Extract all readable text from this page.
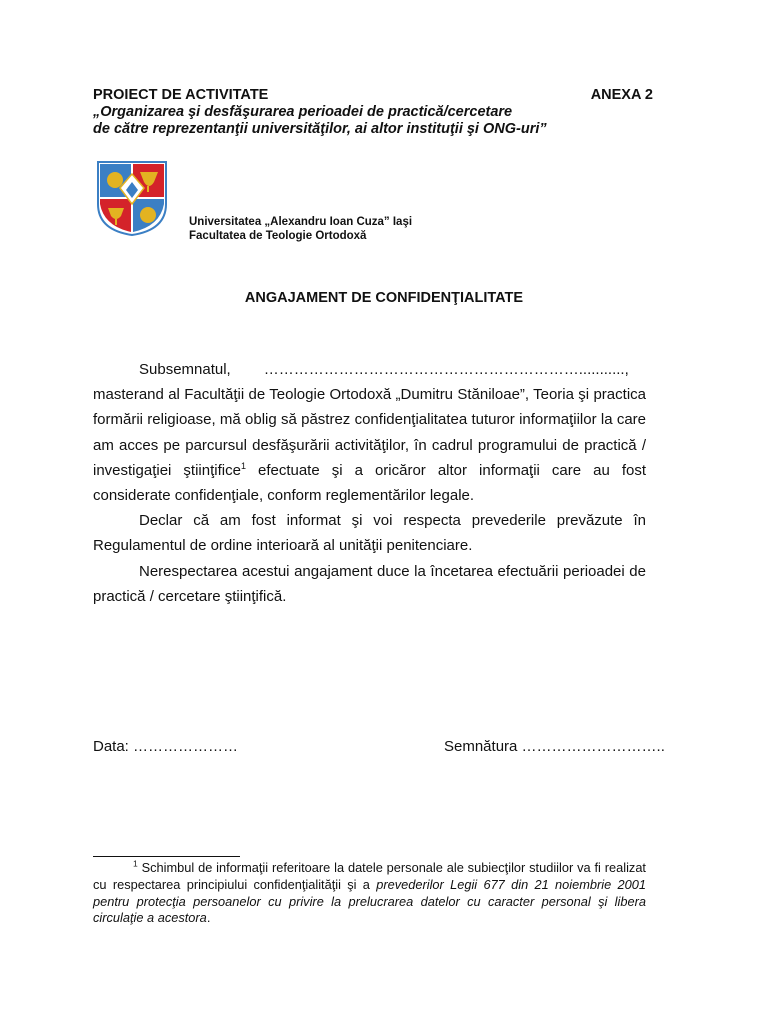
PROIECT DE ACTIVITATE	ANEXA 2
„Organizarea şi desfăşurarea perioadei de practică/cercetare
de către reprezentanţii universităţilor, ai altor instituţii şi ONG-uri”
Universitatea „Alexandru Ioan Cuza” Iaşi
Facultatea de Teologie Ortodoxă
ANGAJAMENT DE CONFIDENŢIALITATE

Subsemnatul, ………………………………………………………..........., masterand al Facultăţii de Teologie Ortodoxă „Dumitru Stăniloae”, Teoria şi practica formării religioase, mă oblig să păstrez confidenţialitatea tuturor informaţiilor la care am acces pe parcursul desfăşurării activităţilor, în cadrul programului de practică / investigaţiei ştiinţifice$^1$ efectuate şi a oricăror altor informaţii care au fost considerate confidenţiale, conform reglementărilor legale.

Declar că am fost informat şi voi respecta prevederile prevăzute în Regulamentul de ordine interioară al unităţii penitenciare.

Nerespectarea acestui angajament duce la încetarea efectuării perioadei de practică / cercetare ştiinţifică.

Data: …………………	Semnătura ………………………..
$^1$ Schimbul de informaţii referitoare la datele personale ale subiecţilor studiilor va fi realizat cu respectarea principiului confidenţialităţii şi a prevederilor Legii 677 din 21 noiembrie 2001 pentru protecţia persoanelor cu privire la prelucrarea datelor cu caracter personal şi libera circulaţie a acestora.
